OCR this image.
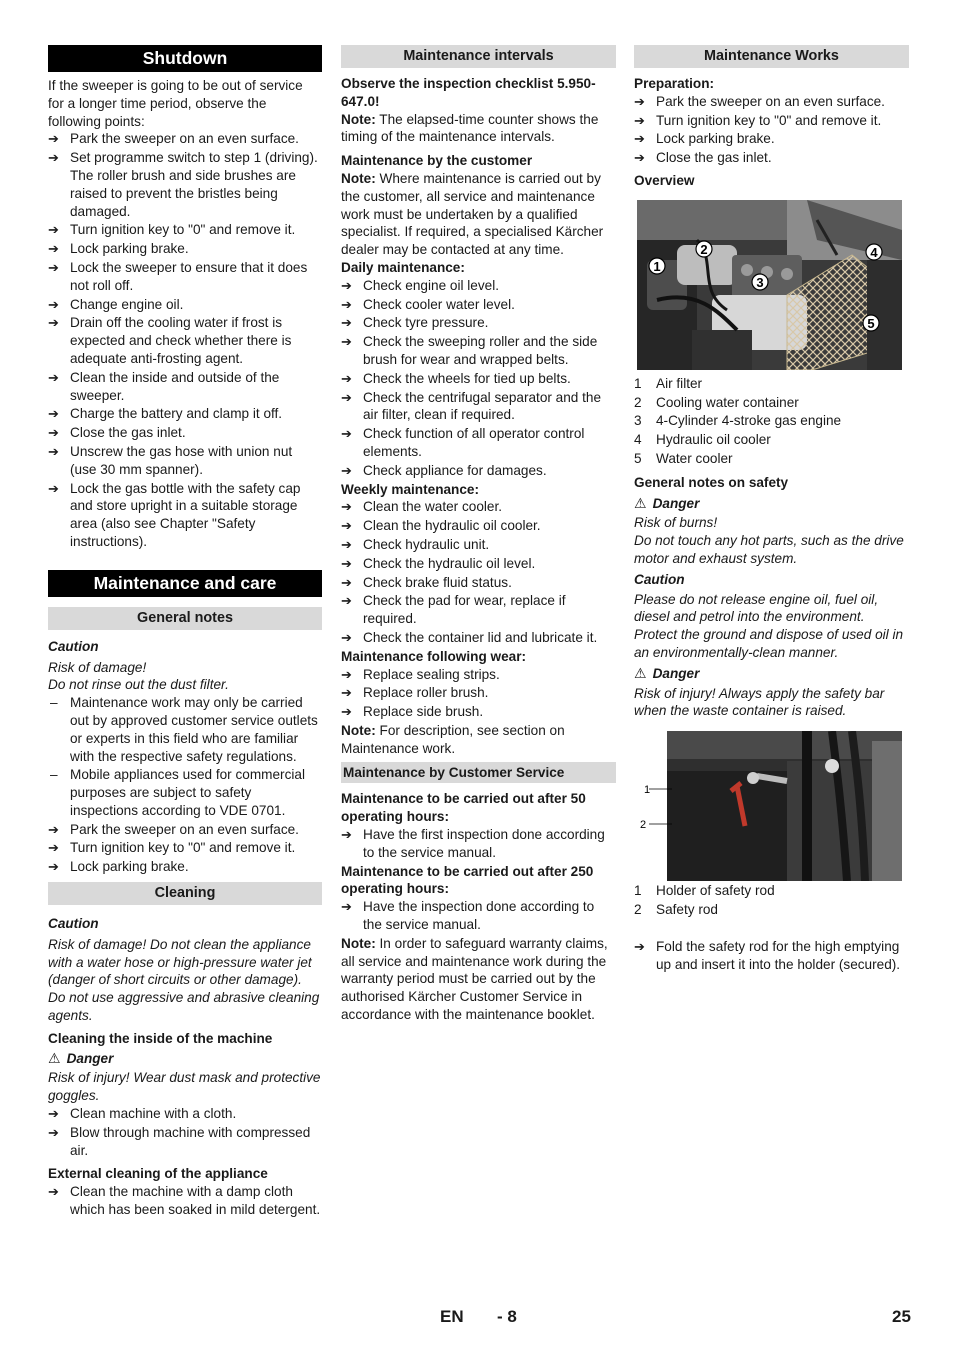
Shutdown

If the sweeper is going to be out of service for a longer time period, observe the following points:

➔ Park the sweeper on an even surface.
➔ Set programme switch to step 1 (driving). The roller brush and side brushes are raised to prevent the bristles being damaged.
➔ Turn ignition key to "0" and remove it.
➔ Lock parking brake.
➔ Lock the sweeper to ensure that it does not roll off.
➔ Change engine oil.
➔ Drain off the cooling water if frost is expected and check whether there is adequate anti-frosting agent.
➔ Clean the inside and outside of the sweeper.
➔ Charge the battery and clamp it off.
➔ Close the gas inlet.
➔ Unscrew the gas hose with union nut (use 30 mm spanner).
➔ Lock the gas bottle with the safety cap and store upright in a suitable storage area (also see Chapter "Safety instructions).
Maintenance and care
General notes

Caution

Risk of damage!

Do not rinse out the dust filter.

– Maintenance work may only be carried out by approved customer service outlets or experts in this field who are familiar with the respective safety regulations.
– Mobile appliances used for commercial purposes are subject to safety inspections according to VDE 0701.
➔ Park the sweeper on an even surface.
➔ Turn ignition key to "0" and remove it.
➔ Lock parking brake.
Cleaning

Caution

Risk of damage! Do not clean the appliance with a water hose or high-pressure water jet (danger of short circuits or other damage).

Do not use aggressive and abrasive cleaning agents.

Cleaning the inside of the machine

⚠ Danger

Risk of injury! Wear dust mask and protective goggles.

➔ Clean machine with a cloth.
➔ Blow through machine with compressed air.

External cleaning of the appliance

➔ Clean the machine with a damp cloth which has been soaked in mild detergent.
Maintenance intervals

Observe the inspection checklist 5.950-647.0!

Note: The elapsed-time counter shows the timing of the maintenance intervals.

Maintenance by the customer

Note: Where maintenance is carried out by the customer, all service and maintenance work must be undertaken by a qualified specialist. If required, a specialised Kärcher dealer may be contacted at any time.

Daily maintenance:

➔ Check engine oil level.
➔ Check cooler water level.
➔ Check tyre pressure.
➔ Check the sweeping roller and the side brush for wear and wrapped belts.
➔ Check the wheels for tied up belts.
➔ Check the centrifugal separator and the air filter, clean if required.
➔ Check function of all operator control elements.
➔ Check appliance for damages.

Weekly maintenance:

➔ Clean the water cooler.
➔ Clean the hydraulic oil cooler.
➔ Check hydraulic unit.
➔ Check the hydraulic oil level.
➔ Check brake fluid status.
➔ Check the pad for wear, replace if required.
➔ Check the container lid and lubricate it.

Maintenance following wear:

➔ Replace sealing strips.
➔ Replace roller brush.
➔ Replace side brush.

Note: For description, see section on Maintenance work.

Maintenance by Customer Service

Maintenance to be carried out after 50 operating hours:

➔ Have the first inspection done according to the service manual.

Maintenance to be carried out after 250 operating hours:

➔ Have the inspection done according to the service manual.

Note: In order to safeguard warranty claims, all service and maintenance work during the warranty period must be carried out by the authorised Kärcher Customer Service in accordance with the maintenance booklet.

Maintenance Works

Preparation:

➔ Park the sweeper on an even surface.
➔ Turn ignition key to "0" and remove it.
➔ Lock parking brake.
➔ Close the gas inlet.

Overview

1
2
3
4
5
1 Air filter
2 Cooling water container
3 4-Cylinder 4-stroke gas engine
4 Hydraulic oil cooler
5 Water cooler

General notes on safety

⚠ Danger

Risk of burns!

Do not touch any hot parts, such as the drive motor and exhaust system.

Caution

Please do not release engine oil, fuel oil, diesel and petrol into the environment. Protect the ground and dispose of used oil in an environmentally-clean manner.

⚠ Danger

Risk of injury! Always apply the safety bar when the waste container is raised.

1
2
1 Holder of safety rod
2 Safety rod
➔ Fold the safety rod for the high emptying up and insert it into the holder (secured).
EN - 8	25
